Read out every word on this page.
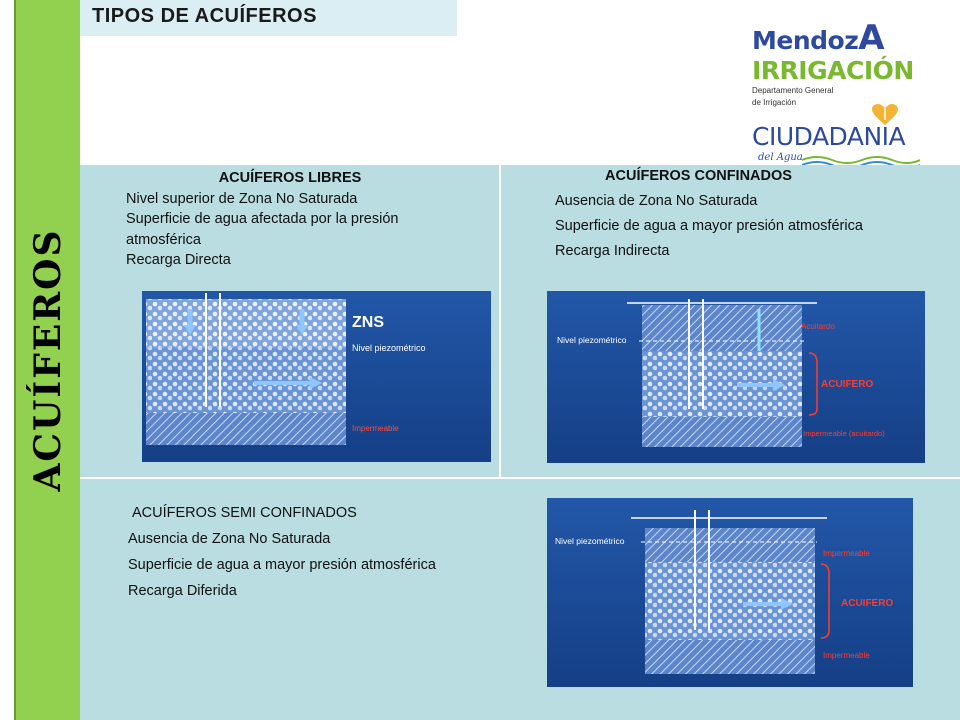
ACUÍFEROS
TIPOS DE ACUÍFEROS
MendozA
IRRIGACIÓN
Departamento General
de Irrigación
CIUDADANIA
del Agua
ACUÍFEROS LIBRES
Nivel superior de Zona No Saturada
Superficie de agua afectada por la presión
atmosférica
Recarga Directa
ACUÍFEROS CONFINADOS
Ausencia de Zona No Saturada
Superficie de agua a mayor presión atmosférica
Recarga Indirecta
ACUÍFEROS SEMI CONFINADOS
Ausencia de Zona No Saturada
Superficie de agua a mayor presión atmosférica
Recarga Diferida
ZNS
Nivel piezométrico
Impermeable
Nivel piezométrico
Acuitardo
ACUIFERO
Impermeable (acuitardo)
Nivel piezométrico
Impermeable
ACUIFERO
Impermeable
